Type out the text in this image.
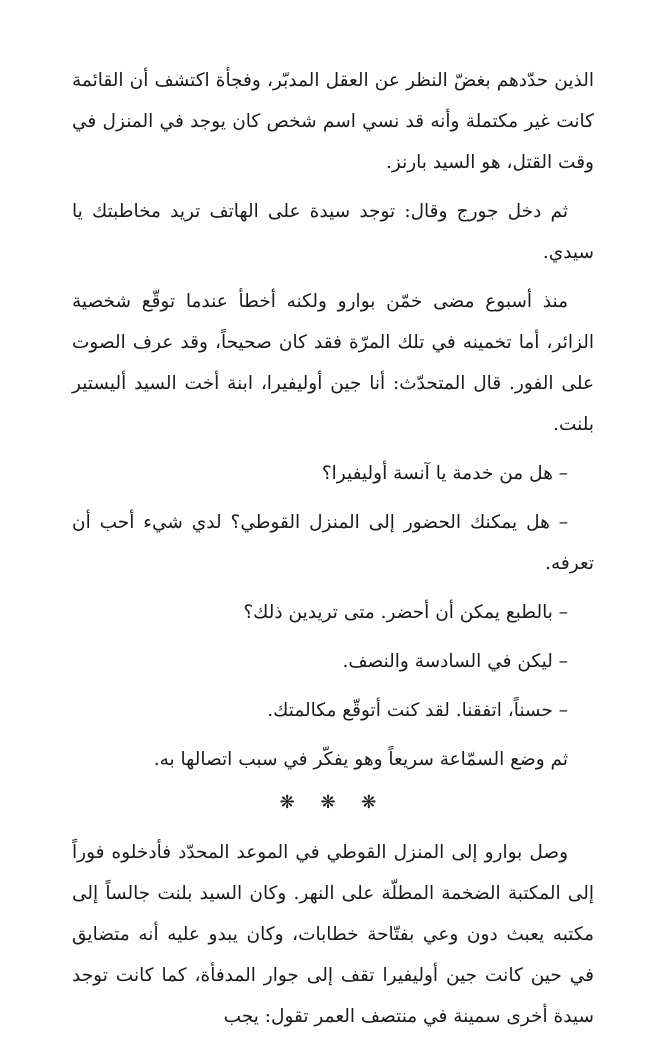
الذين حدّدهم بغضّ النظر عن العقل المدبّر، وفجأة اكتشف أن القائمة كانت غير مكتملة وأنه قد نسي اسم شخص كان يوجد في المنزل في وقت القتل، هو السيد بارنز.

ثم دخل جورج وقال: توجد سيدة على الهاتف تريد مخاطبتك يا سيدي.

منذ أسبوع مضى خمّن بوارو ولكنه أخطأ عندما توقّع شخصية الزائر، أما تخمينه في تلك المرّة فقد كان صحيحاً، وقد عرف الصوت على الفور. قال المتحدّث: أنا جين أوليفيرا، ابنة أخت السيد أليستير بلنت.

– هل من خدمة يا آنسة أوليفيرا؟

– هل يمكنك الحضور إلى المنزل القوطي؟ لدي شيء أحب أن تعرفه.

– بالطبع يمكن أن أحضر. متى تريدين ذلك؟

– ليكن في السادسة والنصف.

– حسناً، اتفقنا. لقد كنت أتوقّع مكالمتك.

ثم وضع السمّاعة سريعاً وهو يفكّر في سبب اتصالها به.

❋ ❋ ❋

وصل بوارو إلى المنزل القوطي في الموعد المحدّد فأدخلوه فوراً إلى المكتبة الضخمة المطلّة على النهر. وكان السيد بلنت جالساً إلى مكتبه يعبث دون وعي بفتّاحة خطابات، وكان يبدو عليه أنه متضايق في حين كانت جين أوليفيرا تقف إلى جوار المدفأة، كما كانت توجد سيدة أخرى سمينة في منتصف العمر تقول: يجب
